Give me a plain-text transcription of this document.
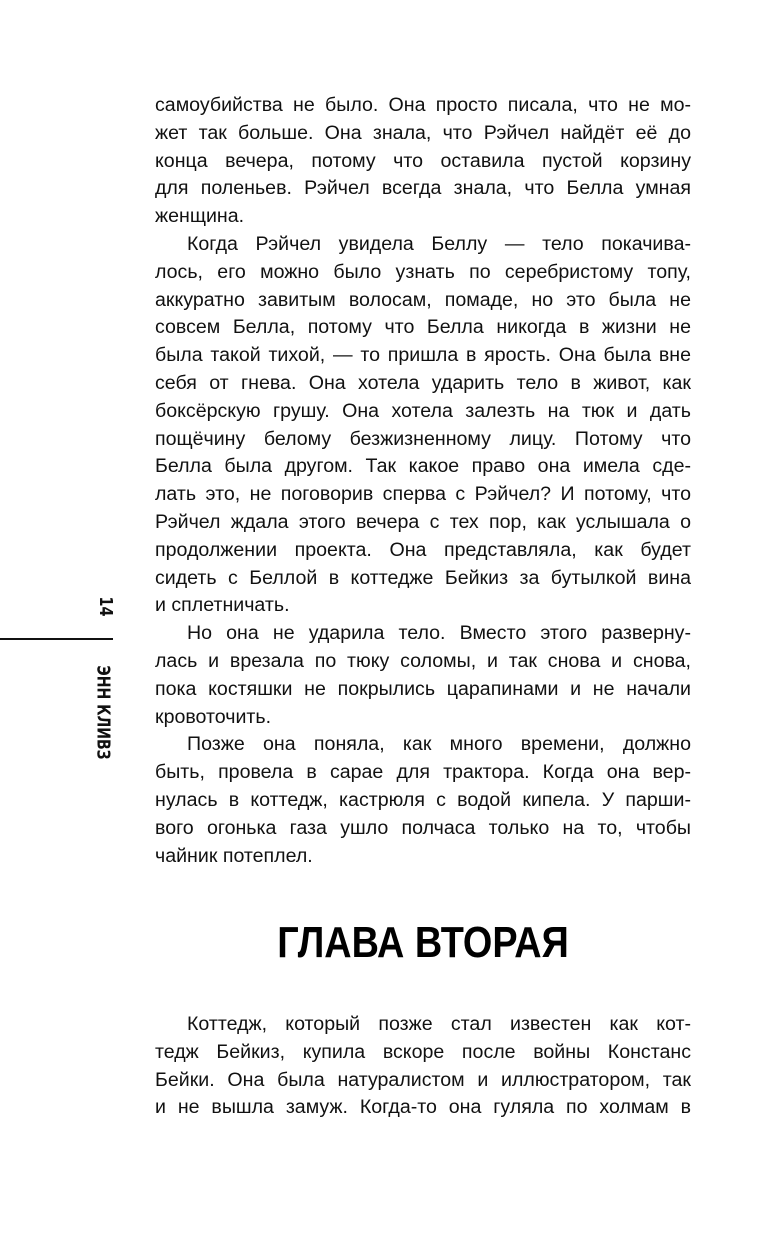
14
ЭНН КЛИВЗ
самоубийства не было. Она просто писала, что не мо-
жет так больше. Она знала, что Рэйчел найдёт её до
конца вечера, потому что оставила пустой корзину
для поленьев. Рэйчел всегда знала, что Белла умная
женщина.
Когда Рэйчел увидела Беллу — тело покачива-
лось, его можно было узнать по серебристому топу,
аккуратно завитым волосам, помаде, но это была не
совсем Белла, потому что Белла никогда в жизни не
была такой тихой, — то пришла в ярость. Она была вне
себя от гнева. Она хотела ударить тело в живот, как
боксёрскую грушу. Она хотела залезть на тюк и дать
пощёчину белому безжизненному лицу. Потому что
Белла была другом. Так какое право она имела сде-
лать это, не поговорив сперва с Рэйчел? И потому, что
Рэйчел ждала этого вечера с тех пор, как услышала о
продолжении проекта. Она представляла, как будет
сидеть с Беллой в коттедже Бейкиз за бутылкой вина
и сплетничать.
Но она не ударила тело. Вместо этого разверну-
лась и врезала по тюку соломы, и так снова и снова,
пока костяшки не покрылись царапинами и не начали
кровоточить.
Позже она поняла, как много времени, должно
быть, провела в сарае для трактора. Когда она вер-
нулась в коттедж, кастрюля с водой кипела. У парши-
вого огонька газа ушло полчаса только на то, чтобы
чайник потеплел.
ГЛАВА ВТОРАЯ
Коттедж, который позже стал известен как кот-
тедж Бейкиз, купила вскоре после войны Констанс
Бейки. Она была натуралистом и иллюстратором, так
и не вышла замуж. Когда-то она гуляла по холмам в
